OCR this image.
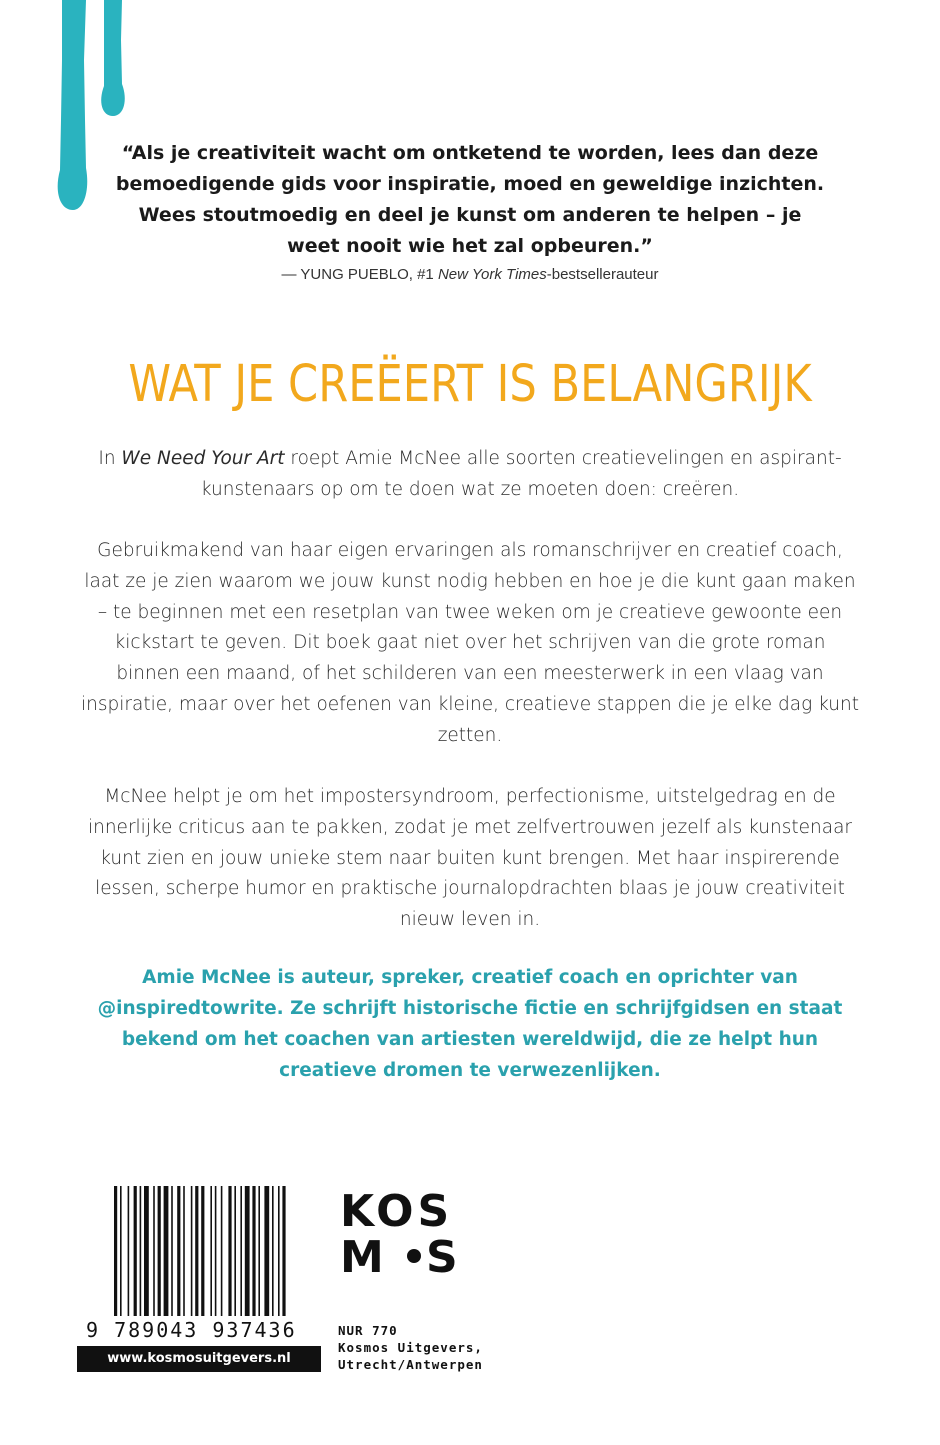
“Als je creativiteit wacht om ontketend te worden, lees dan deze bemoedigende gids voor inspiratie, moed en geweldige inzichten. Wees stoutmoedig en deel je kunst om anderen te helpen – je weet nooit wie het zal opbeuren.”
— YUNG PUEBLO, #1 New York Times-bestsellerauteur
WAT JE CREËERT IS BELANGRIJK

In We Need Your Art roept Amie McNee alle soorten creatievelingen en aspirant-kunstenaars op om te doen wat ze moeten doen: creëren.

Gebruikmakend van haar eigen ervaringen als romanschrijver en creatief coach, laat ze je zien waarom we jouw kunst nodig hebben en hoe je die kunt gaan maken – te beginnen met een resetplan van twee weken om je creatieve gewoonte een kickstart te geven. Dit boek gaat niet over het schrijven van die grote roman binnen een maand, of het schilderen van een meesterwerk in een vlaag van inspiratie, maar over het oefenen van kleine, creatieve stappen die je elke dag kunt zetten.

McNee helpt je om het impostersyndroom, perfectionisme, uitstelgedrag en de innerlijke criticus aan te pakken, zodat je met zelfvertrouwen jezelf als kunstenaar kunt zien en jouw unieke stem naar buiten kunt brengen. Met haar inspirerende lessen, scherpe humor en praktische journalopdrachten blaas je jouw creativiteit nieuw leven in.

Amie McNee is auteur, spreker, creatief coach en oprichter van @inspiredtowrite. Ze schrijft historische fictie en schrijfgidsen en staat bekend om het coachen van artiesten wereldwijd, die ze helpt hun creatieve dromen te verwezenlijken.
9 789043 937436
www.kosmosuitgevers.nl
KOS
M S
NUR 770
Kosmos Uitgevers,
Utrecht/Antwerpen
